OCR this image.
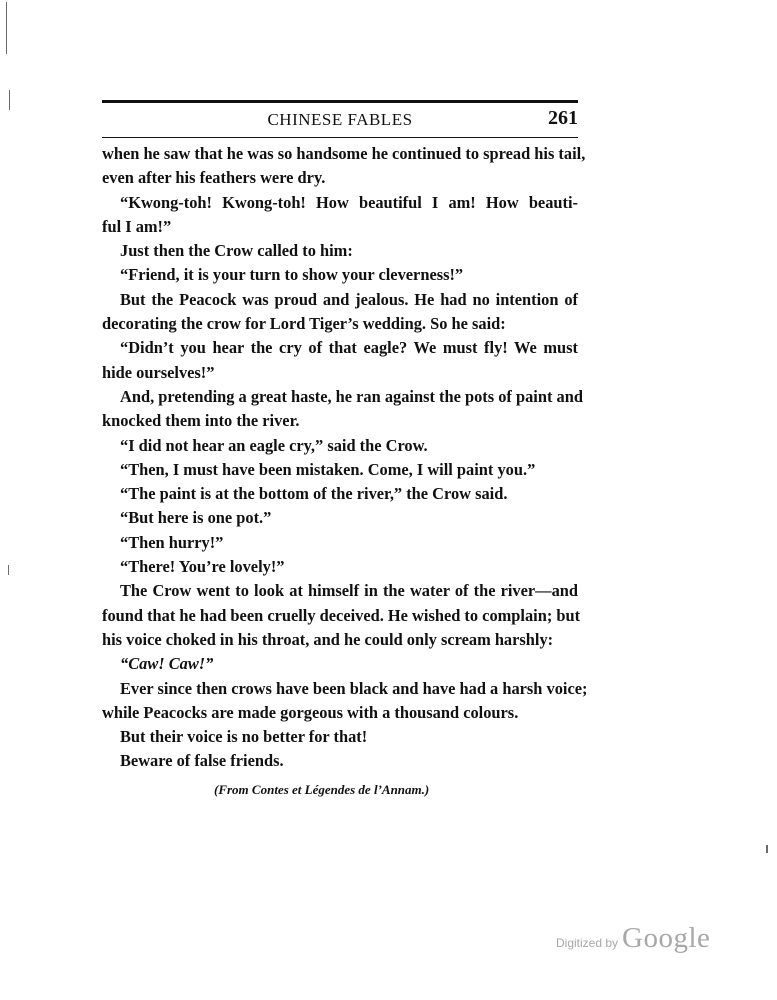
CHINESE FABLES	261
when he saw that he was so handsome he continued to spread his tail,
even after his feathers were dry.
“Kwong-toh! Kwong-toh! How beautiful I am! How beauti-
ful I am!”
Just then the Crow called to him:
“Friend, it is your turn to show your cleverness!”
But the Peacock was proud and jealous. He had no intention of
decorating the crow for Lord Tiger’s wedding. So he said:
“Didn’t you hear the cry of that eagle? We must fly! We must
hide ourselves!”
And, pretending a great haste, he ran against the pots of paint and
knocked them into the river.
“I did not hear an eagle cry,” said the Crow.
“Then, I must have been mistaken. Come, I will paint you.”
“The paint is at the bottom of the river,” the Crow said.
“But here is one pot.”
“Then hurry!”
“There! You’re lovely!”
The Crow went to look at himself in the water of the river—and
found that he had been cruelly deceived. He wished to complain; but
his voice choked in his throat, and he could only scream harshly:
“Caw! Caw!”
Ever since then crows have been black and have had a harsh voice;
while Peacocks are made gorgeous with a thousand colours.
But their voice is no better for that!
Beware of false friends.
(From Contes et Légendes de l’Annam.)
Digitized by Google
